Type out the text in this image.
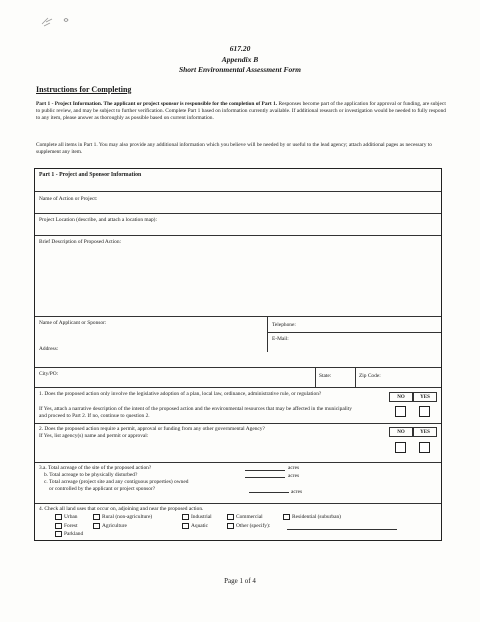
617.20
Appendix B
Short Environmental Assessment Form
Instructions for Completing
Part 1 - Project Information. The applicant or project sponsor is responsible for the completion of Part 1. Responses become part of the application for approval or funding, are subject to public review, and may be subject to further verification. Complete Part 1 based on information currently available. If additional research or investigation would be needed to fully respond to any item, please answer as thoroughly as possible based on current information.
Complete all items in Part 1. You may also provide any additional information which you believe will be needed by or useful to the lead agency; attach additional pages as necessary to supplement any item.
Part 1 - Project and Sponsor Information
Name of Action or Project:
Project Location (describe, and attach a location map):
Brief Description of Proposed Action:
Name of Applicant or Sponsor:	Telephone:
E-Mail:
Address:
City/PO:	State:	Zip Code:
1. Does the proposed action only involve the legislative adoption of a plan, local law, ordinance, administrative rule, or regulation?
If Yes, attach a narrative description of the intent of the proposed action and the environmental resources that may be affected in the municipality and proceed to Part 2. If no, continue to question 2.
NO	YES
2. Does the proposed action require a permit, approval or funding from any other governmental Agency?
If Yes, list agency(s) name and permit or approval:
NO	YES
3.a. Total acreage of the site of the proposed action?
b. Total acreage to be physically disturbed?
c. Total acreage (project site and any contiguous properties) owned
or controlled by the applicant or project sponsor?
acres
acres
acres
4. Check all land uses that occur on, adjoining and near the proposed action.
Urban	Rural (non-agriculture)	Industrial	Commercial	Residential (suburban)
Forest	Agriculture	Aquatic	Other (specify):
Parkland
Page 1 of 4
